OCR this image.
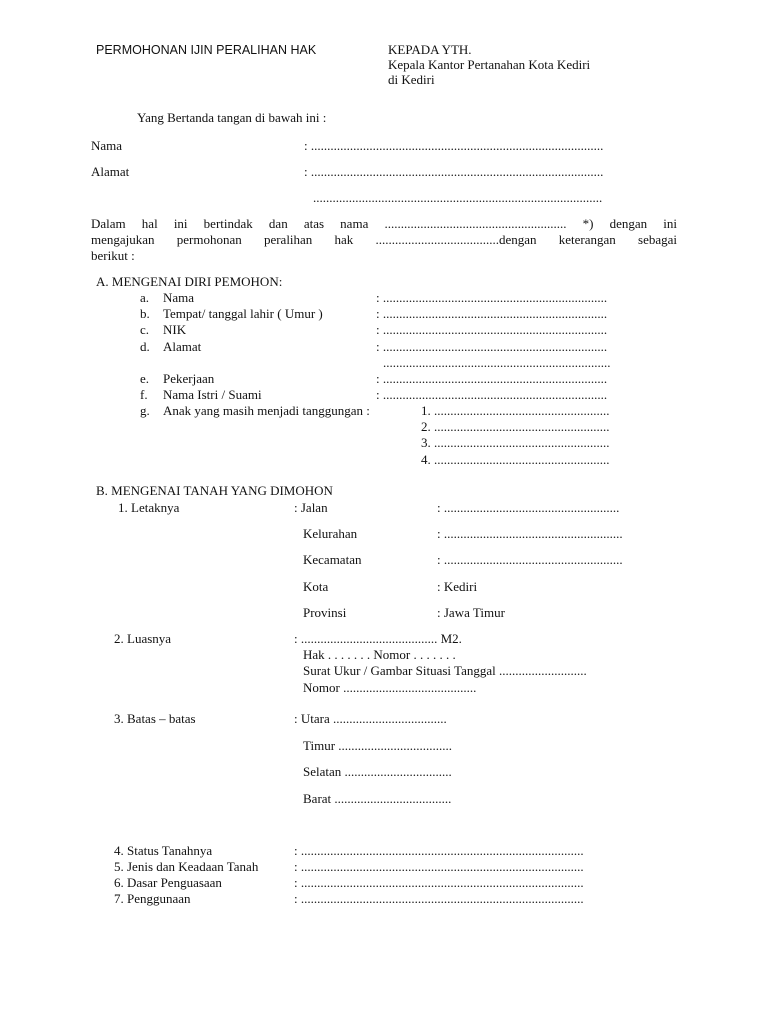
PERMOHONAN IJIN PERALIHAN HAK	KEPADA YTH.
Kepala Kantor Pertanahan Kota Kediri
di Kediri
Yang Bertanda tangan di bawah ini :
Nama	: ..........................................................................................
Alamat	: ..........................................................................................
.........................................................................................
Dalam hal ini bertindak dan atas nama ........................................................ *) dengan ini
mengajukan permohonan peralihan hak ......................................dengan keterangan sebagai
berikut :
A. MENGENAI DIRI PEMOHON:
a. Nama	: .....................................................................
b. Tempat/ tanggal lahir ( Umur )	: .....................................................................
c. NIK	: .....................................................................
d. Alamat	: .....................................................................
......................................................................
e. Pekerjaan	: .....................................................................
f. Nama Istri / Suami	: .....................................................................
g. Anak yang masih menjadi tanggungan :	1. ......................................................
2. ......................................................
3. ......................................................
4. ......................................................
B. MENGENAI TANAH YANG DIMOHON
1. Letaknya	: Jalan	: ......................................................
Kelurahan	: .......................................................
Kecamatan	: .......................................................
Kota	: Kediri
Provinsi	: Jawa Timur
2. Luasnya	: .......................................... M2.
Hak . . . . . . . Nomor . . . . . . .
Surat Ukur / Gambar Situasi Tanggal ...........................
Nomor .........................................
3. Batas – batas	: Utara ...................................
Timur ...................................
Selatan .................................
Barat ....................................
4. Status Tanahnya	: .......................................................................................
5. Jenis dan Keadaan Tanah	: .......................................................................................
6. Dasar Penguasaan	: .......................................................................................
7. Penggunaan	: .......................................................................................
